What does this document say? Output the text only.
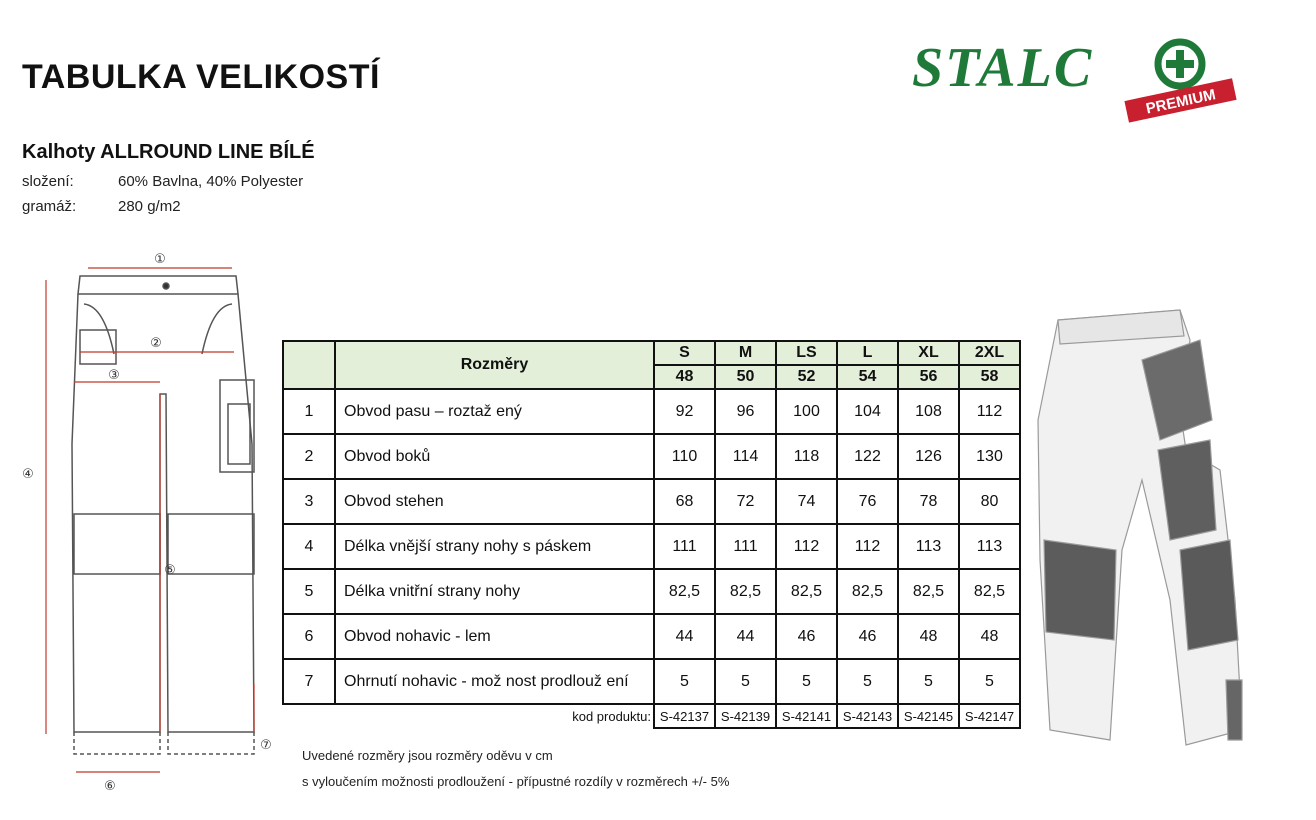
TABULKA VELIKOSTÍ
Kalhoty ALLROUND LINE BÍLÉ
složení:	60% Bavlna, 40% Polyester
gramáž:	280 g/m2
STALC
PREMIUM
①
②
③
④
⑤
⑥
⑦
	Rozměry	S	M	LS	L	XL	2XL
		48	50	52	54	56	58
1	Obvod pasu – roztaž ený	92	96	100	104	108	112
2	Obvod boků	110	114	118	122	126	130
3	Obvod stehen	68	72	74	76	78	80
4	Délka vnější strany nohy s páskem	111	111	112	112	113	113
5	Délka vnitřní strany nohy	82,5	82,5	82,5	82,5	82,5	82,5
6	Obvod nohavic - lem	44	44	46	46	48	48
7	Ohrnutí nohavic - mož nost prodlouž ení	5	5	5	5	5	5
	kod produktu:	S-42137	S-42139	S-42141	S-42143	S-42145	S-42147
Uvedené rozměry jsou rozměry oděvu v cm
s vyloučením možnosti prodloužení - přípustné rozdíly v rozměrech +/- 5%
